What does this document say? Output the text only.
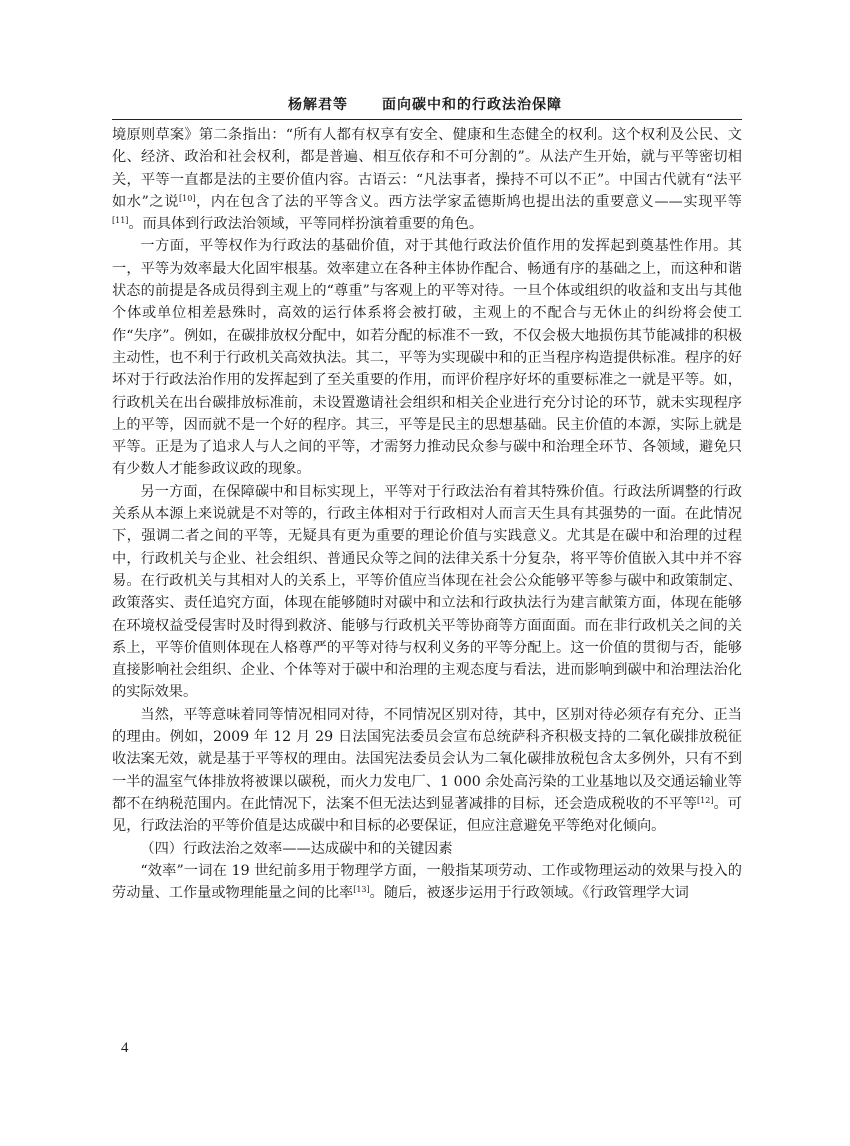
杨解君等 面向碳中和的行政法治保障

境原则草案》第二条指出：“所有人都有权享有安全、健康和生态健全的权利。这个权利及公民、文化、经济、政治和社会权利，都是普遍、相互依存和不可分割的”。从法产生开始，就与平等密切相关，平等一直都是法的主要价值内容。古语云：“凡法事者，操持不可以不正”。中国古代就有“法平如水”之说[10]，内在包含了法的平等含义。西方法学家孟德斯鸠也提出法的重要意义——实现平等[11]。而具体到行政法治领域，平等同样扮演着重要的角色。

一方面，平等权作为行政法的基础价值，对于其他行政法价值作用的发挥起到奠基性作用。其一，平等为效率最大化固牢根基。效率建立在各种主体协作配合、畅通有序的基础之上，而这种和谐状态的前提是各成员得到主观上的“尊重”与客观上的平等对待。一旦个体或组织的收益和支出与其他个体或单位相差悬殊时，高效的运行体系将会被打破，主观上的不配合与无休止的纠纷将会使工作“失序”。例如，在碳排放权分配中，如若分配的标准不一致，不仅会极大地损伤其节能减排的积极主动性，也不利于行政机关高效执法。其二，平等为实现碳中和的正当程序构造提供标准。程序的好坏对于行政法治作用的发挥起到了至关重要的作用，而评价程序好坏的重要标准之一就是平等。如，行政机关在出台碳排放标准前，未设置邀请社会组织和相关企业进行充分讨论的环节，就未实现程序上的平等，因而就不是一个好的程序。其三，平等是民主的思想基础。民主价值的本源，实际上就是平等。正是为了追求人与人之间的平等，才需努力推动民众参与碳中和治理全环节、各领域，避免只有少数人才能参政议政的现象。

另一方面，在保障碳中和目标实现上，平等对于行政法治有着其特殊价值。行政法所调整的行政关系从本源上来说就是不对等的，行政主体相对于行政相对人而言天生具有其强势的一面。在此情况下，强调二者之间的平等，无疑具有更为重要的理论价值与实践意义。尤其是在碳中和治理的过程中，行政机关与企业、社会组织、普通民众等之间的法律关系十分复杂，将平等价值嵌入其中并不容易。在行政机关与其相对人的关系上，平等价值应当体现在社会公众能够平等参与碳中和政策制定、政策落实、责任追究方面，体现在能够随时对碳中和立法和行政执法行为建言献策方面，体现在能够在环境权益受侵害时及时得到救济、能够与行政机关平等协商等方面面面。而在非行政机关之间的关系上，平等价值则体现在人格尊严的平等对待与权利义务的平等分配上。这一价值的贯彻与否，能够直接影响社会组织、企业、个体等对于碳中和治理的主观态度与看法，进而影响到碳中和治理法治化的实际效果。

当然，平等意味着同等情况相同对待，不同情况区别对待，其中，区别对待必须存有充分、正当的理由。例如，2009 年 12 月 29 日法国宪法委员会宣布总统萨科齐积极支持的二氧化碳排放税征收法案无效，就是基于平等权的理由。法国宪法委员会认为二氧化碳排放税包含太多例外，只有不到一半的温室气体排放将被课以碳税，而火力发电厂、1 000 余处高污染的工业基地以及交通运输业等都不在纳税范围内。在此情况下，法案不但无法达到显著减排的目标，还会造成税收的不平等[12]。可见，行政法治的平等价值是达成碳中和目标的必要保证，但应注意避免平等绝对化倾向。

（四）行政法治之效率——达成碳中和的关键因素

“效率”一词在 19 世纪前多用于物理学方面，一般指某项劳动、工作或物理运动的效果与投入的劳动量、工作量或物理能量之间的比率[13]。随后，被逐步运用于行政领域。《行政管理学大词

4
